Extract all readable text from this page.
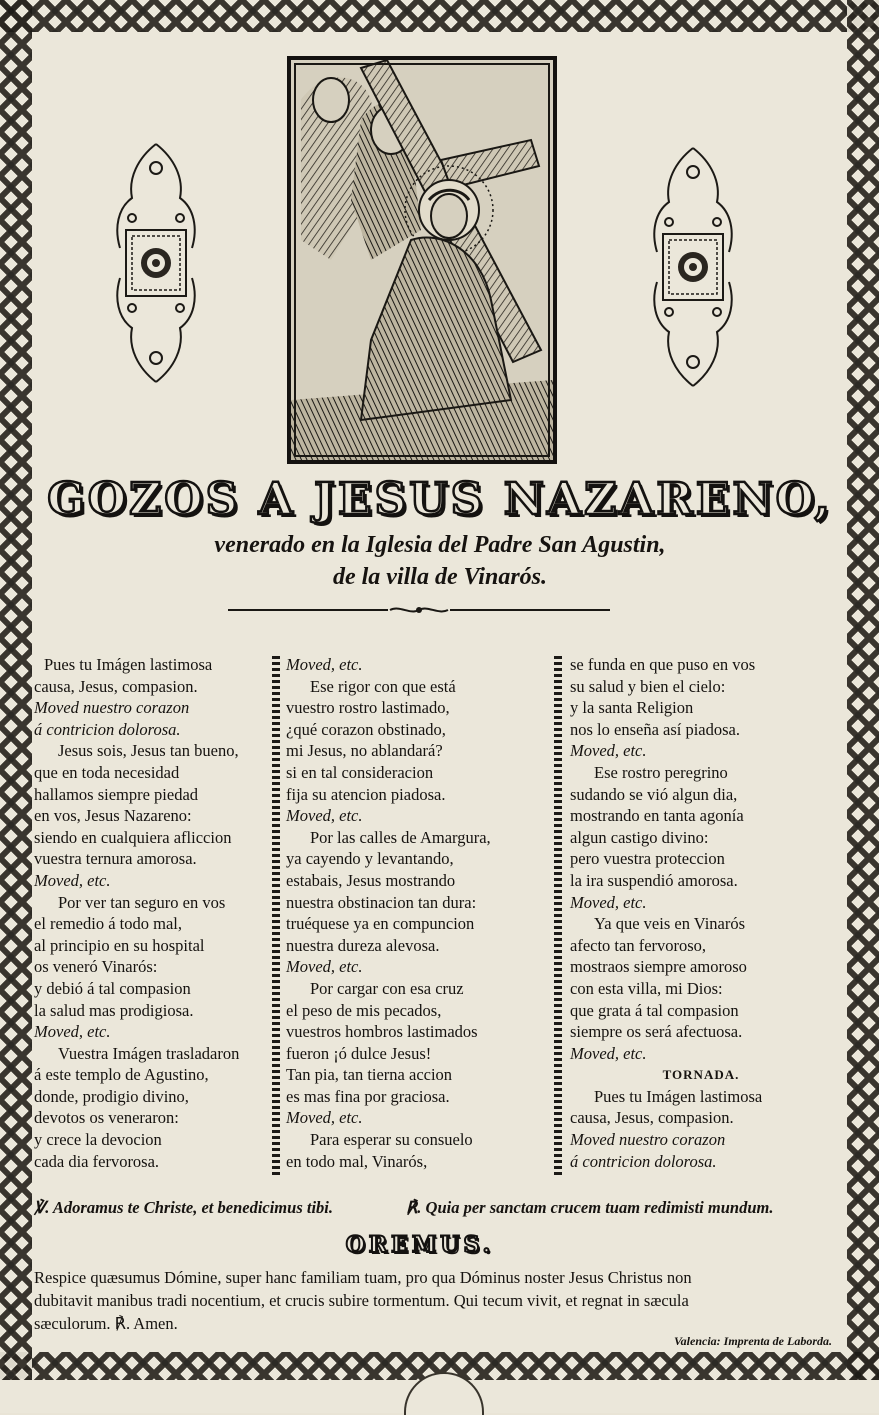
GOZOS A JESUS NAZARENO,
venerado en la Iglesia del Padre San Agustin,
de la villa de Vinarós.
Pues tu Imágen lastimosa
causa, Jesus, compasion.
Moved nuestro corazon
á contricion dolorosa.
Jesus sois, Jesus tan bueno,
que en toda necesidad
hallamos siempre piedad
en vos, Jesus Nazareno:
siendo en cualquiera afliccion
vuestra ternura amorosa.
Moved, etc.
Por ver tan seguro en vos
el remedio á todo mal,
al principio en su hospital
os veneró Vinarós:
y debió á tal compasion
la salud mas prodigiosa.
Moved, etc.
Vuestra Imágen trasladaron
á este templo de Agustino,
donde, prodigio divino,
devotos os veneraron:
y crece la devocion
cada dia fervorosa.
Moved, etc.
Ese rigor con que está
vuestro rostro lastimado,
¿qué corazon obstinado,
mi Jesus, no ablandará?
si en tal consideracion
fija su atencion piadosa.
Moved, etc.
Por las calles de Amargura,
ya cayendo y levantando,
estabais, Jesus mostrando
nuestra obstinacion tan dura:
truéquese ya en compuncion
nuestra dureza alevosa.
Moved, etc.
Por cargar con esa cruz
el peso de mis pecados,
vuestros hombros lastimados
fueron ¡ó dulce Jesus!
Tan pia, tan tierna accion
es mas fina por graciosa.
Moved, etc.
Para esperar su consuelo
en todo mal, Vinarós,
se funda en que puso en vos
su salud y bien el cielo:
y la santa Religion
nos lo enseña así piadosa.
Moved, etc.
Ese rostro peregrino
sudando se vió algun dia,
mostrando en tanta agonía
algun castigo divino:
pero vuestra proteccion
la ira suspendió amorosa.
Moved, etc.
Ya que veis en Vinarós
afecto tan fervoroso,
mostraos siempre amoroso
con esta villa, mi Dios:
que grata á tal compasion
siempre os será afectuosa.
Moved, etc.
TORNADA.
Pues tu Imágen lastimosa
causa, Jesus, compasion.
Moved nuestro corazon
á contricion dolorosa.
℣. Adoramus te Christe, et benedicimus tibi.	℟. Quia per sanctam crucem tuam redimisti mundum.
OREMUS.
Respice quæsumus Dómine, super hanc familiam tuam, pro qua Dóminus noster Jesus Christus non
dubitavit manibus tradi nocentium, et crucis subire tormentum. Qui tecum vivit, et regnat in sæcula
sæculorum. ℟. Amen.
Valencia: Imprenta de Laborda.
